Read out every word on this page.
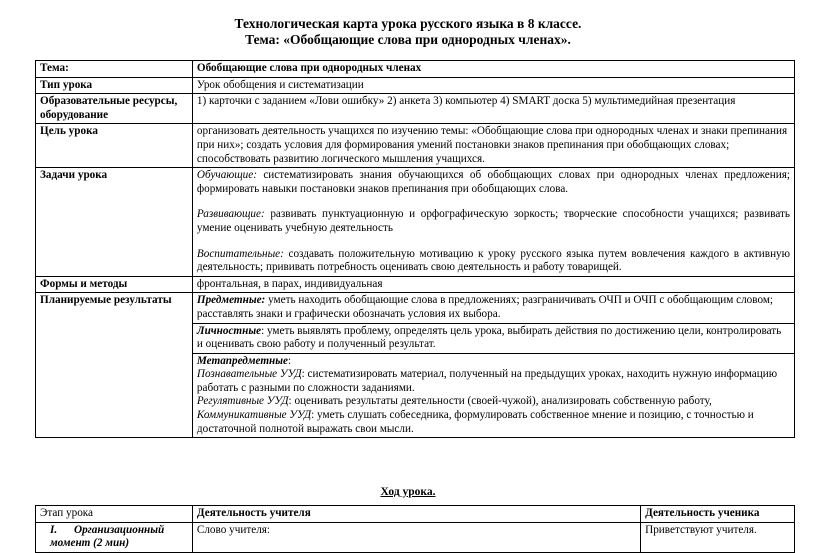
Технологическая карта урока русского языка в 8 классе.
Тема: «Обобщающие слова при однородных членах».
Тема:	Обобщающие слова при однородных членах
Тип урока	Урок обобщения и систематизации
Образовательные ресурсы, оборудование	1) карточки с заданием «Лови ошибку» 2) анкета 3) компьютер 4) SMART доска 5) мультимедийная презентация
Цель урока	организовать деятельность учащихся по изучению темы: «Обобщающие слова при однородных членах и знаки препинания при них»; создать условия для формирования умений постановки знаков препинания при обобщающих словах; способствовать развитию логического мышления учащихся.
Задачи урока	Обучающие: систематизировать знания обучающихся об обобщающих словах при однородных членах предложения; формировать навыки постановки знаков препинания при обобщающих слова.
Развивающие: развивать пунктуационную и орфографическую зоркость; творческие способности учащихся; развивать умение оценивать учебную деятельность
Воспитательные: создавать положительную мотивацию к уроку русского языка путем вовлечения каждого в активную деятельность; прививать потребность оценивать свою деятельность и работу товарищей.

Формы и методы	фронтальная, в парах, индивидуальная
Планируемые результаты	Предметные: уметь находить обобщающие слова в предложениях; разграничивать ОЧП и ОЧП с обобщающим словом; расставлять знаки и графически обозначать условия их выбора.
	Личностные: уметь выявлять проблему, определять цель урока, выбирать действия по достижению цели, контролировать и оценивать свою работу и полученный результат.

	Метапредметные:
Познавательные УУД: систематизировать материал, полученный на предыдущих уроках, находить нужную информацию работать с разными по сложности заданиями.
Регулятивные УУД: оценивать результаты деятельности (своей-чужой), анализировать собственную работу,
Коммуникативные УУД: уметь слушать собеседника, формулировать собственное мнение и позицию, с точностью и достаточной полнотой выражать свои мысли.
Ход урока.
Этап урока	Деятельность учителя	Деятельность ученика
I. Организационный момент (2 мин)	Слово учителя:	Приветствуют учителя.
